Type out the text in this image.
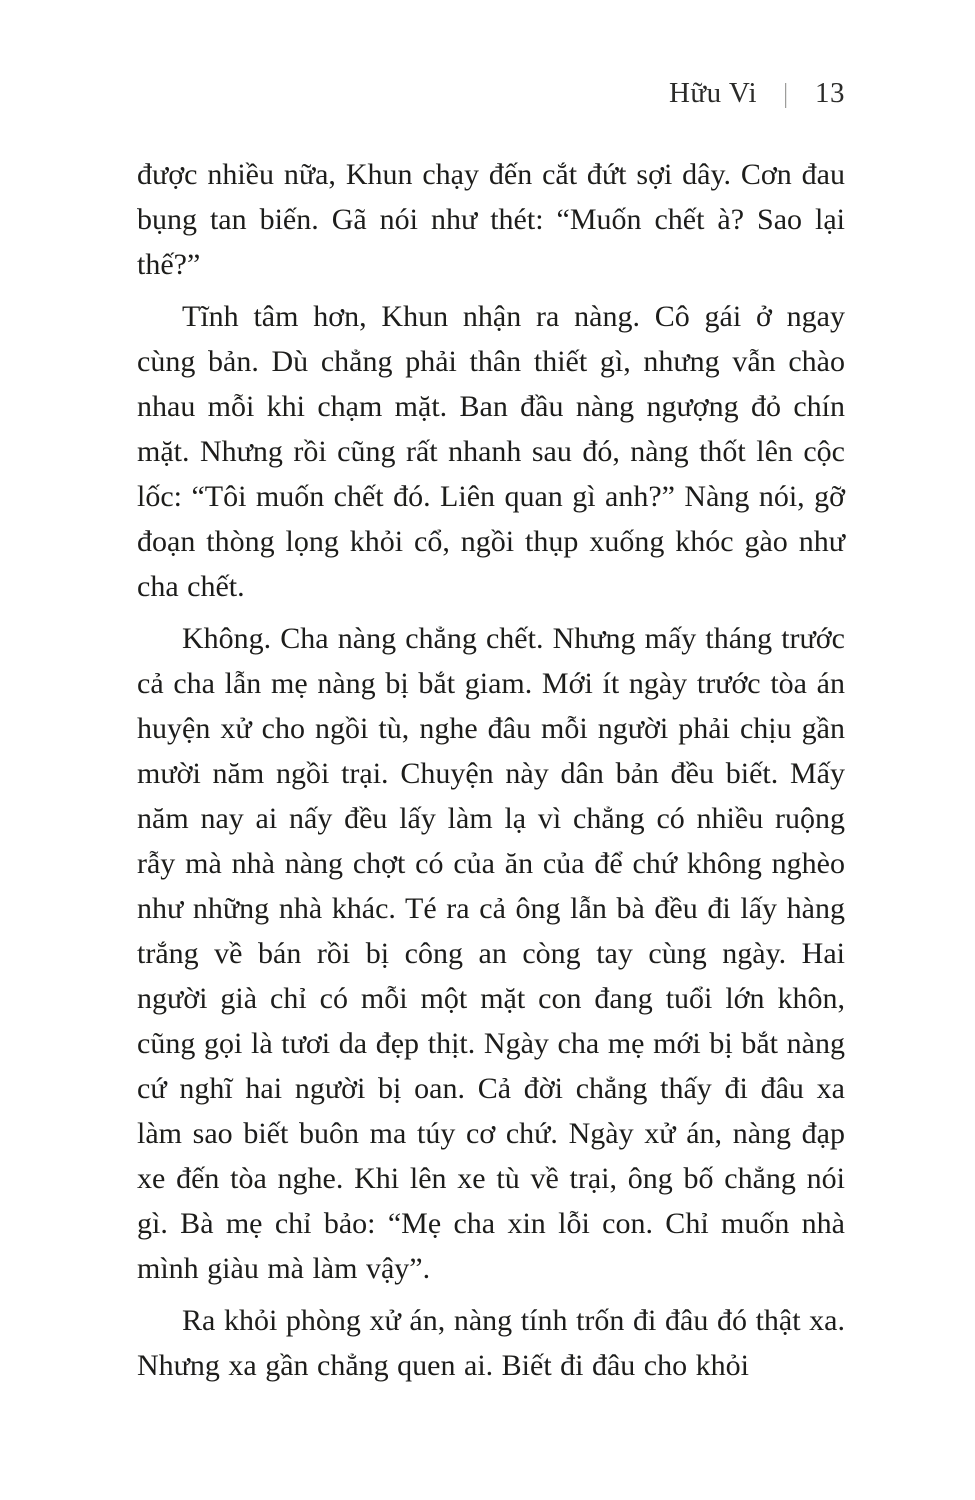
Hữu Vi | 13

được nhiều nữa, Khun chạy đến cắt đứt sợi dây. Cơn đau bụng tan biến. Gã nói như thét: “Muốn chết à? Sao lại thế?”

Tĩnh tâm hơn, Khun nhận ra nàng. Cô gái ở ngay cùng bản. Dù chẳng phải thân thiết gì, nhưng vẫn chào nhau mỗi khi chạm mặt. Ban đầu nàng ngượng đỏ chín mặt. Nhưng rồi cũng rất nhanh sau đó, nàng thốt lên cộc lốc: “Tôi muốn chết đó. Liên quan gì anh?” Nàng nói, gỡ đoạn thòng lọng khỏi cổ, ngồi thụp xuống khóc gào như cha chết.

Không. Cha nàng chẳng chết. Nhưng mấy tháng trước cả cha lẫn mẹ nàng bị bắt giam. Mới ít ngày trước tòa án huyện xử cho ngồi tù, nghe đâu mỗi người phải chịu gần mười năm ngồi trại. Chuyện này dân bản đều biết. Mấy năm nay ai nấy đều lấy làm lạ vì chẳng có nhiều ruộng rẫy mà nhà nàng chợt có của ăn của để chứ không nghèo như những nhà khác. Té ra cả ông lẫn bà đều đi lấy hàng trắng về bán rồi bị công an còng tay cùng ngày. Hai người già chỉ có mỗi một mặt con đang tuổi lớn khôn, cũng gọi là tươi da đẹp thịt. Ngày cha mẹ mới bị bắt nàng cứ nghĩ hai người bị oan. Cả đời chẳng thấy đi đâu xa làm sao biết buôn ma túy cơ chứ. Ngày xử án, nàng đạp xe đến tòa nghe. Khi lên xe tù về trại, ông bố chẳng nói gì. Bà mẹ chỉ bảo: “Mẹ cha xin lỗi con. Chỉ muốn nhà mình giàu mà làm vậy”.

Ra khỏi phòng xử án, nàng tính trốn đi đâu đó thật xa. Nhưng xa gần chẳng quen ai. Biết đi đâu cho khỏi
